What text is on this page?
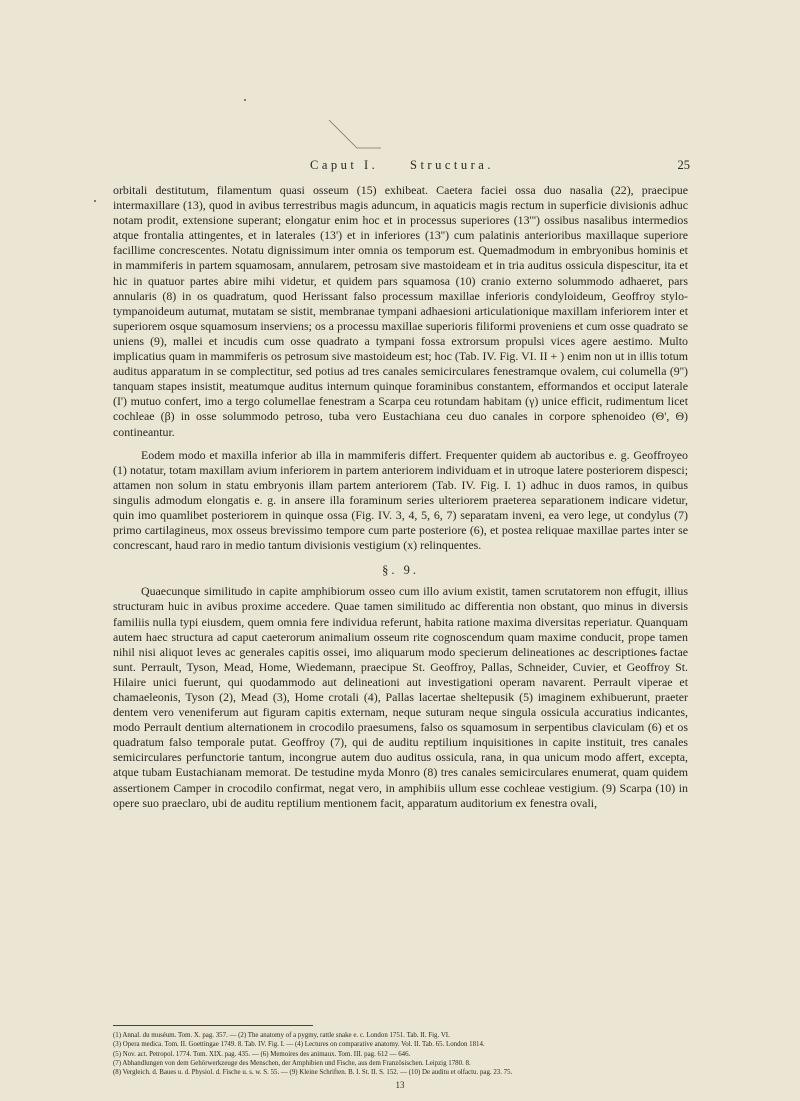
Caput I.	Structura.	25

orbitali destitutum, filamentum quasi osseum (15) exhibeat. Caetera faciei ossa duo nasalia (22), praecipue intermaxillare (13), quod in avibus terrestribus magis aduncum, in aquaticis magis rectum in superficie divisionis adhuc notam prodit, extensione superant; elongatur enim hoc et in processus superiores (13''') ossibus nasalibus intermedios atque frontalia attingentes, et in laterales (13') et in inferiores (13'') cum palatinis anterioribus maxillaque superiore facillime concrescentes. Notatu dignissimum inter omnia os temporum est. Quemadmodum in embryonibus hominis et in mammiferis in partem squamosam, annularem, petrosam sive mastoideam et in tria auditus ossicula dispescitur, ita et hic in quatuor partes abire mihi videtur, et quidem pars squamosa (10) cranio externo solummodo adhaeret, pars annularis (8) in os quadratum, quod Herissant falso processum maxillae inferioris condyloideum, Geoffroy stylo-tympanoideum autumat, mutatam se sistit, membranae tympani adhaesioni articulationique maxillam inferiorem inter et superiorem osque squamosum inserviens; os a processu maxillae superioris filiformi proveniens et cum osse quadrato se uniens (9), mallei et incudis cum osse quadrato a tympani fossa extrorsum propulsi vices agere aestimo. Multo implicatius quam in mammiferis os petrosum sive mastoideum est; hoc (Tab. IV. Fig. VI. II + ) enim non ut in illis totum auditus apparatum in se complectitur, sed potius ad tres canales semicirculares fenestramque ovalem, cui columella (9'') tanquam stapes insistit, meatumque auditus internum quinque foraminibus constantem, efformandos et occiput laterale (I') mutuo confert, imo a tergo columellae fenestram a Scarpa ceu rotundam habitam (γ) unice efficit, rudimentum licet cochleae (β) in osse solummodo petroso, tuba vero Eustachiana ceu duo canales in corpore sphenoideo (Θ', Θ) contineantur.

Eodem modo et maxilla inferior ab illa in mammiferis differt. Frequenter quidem ab auctoribus e. g. Geoffroyeo (1) notatur, totam maxillam avium inferiorem in partem anteriorem individuam et in utroque latere posteriorem dispesci; attamen non solum in statu embryonis illam partem anteriorem (Tab. IV. Fig. I. 1) adhuc in duos ramos, in quibus singulis admodum elongatis e. g. in ansere illa foraminum series ulteriorem praeterea separationem indicare videtur, quin imo quamlibet posteriorem in quinque ossa (Fig. IV. 3, 4, 5, 6, 7) separatam inveni, ea vero lege, ut condylus (7) primo cartilagineus, mox osseus brevissimo tempore cum parte posteriore (6), et postea reliquae maxillae partes inter se concrescant, haud raro in medio tantum divisionis vestigium (x) relinquentes.

§. 9.

Quaecunque similitudo in capite amphibiorum osseo cum illo avium existit, tamen scrutatorem non effugit, illius structuram huic in avibus proxime accedere. Quae tamen similitudo ac differentia non obstant, quo minus in diversis familiis nulla typi eiusdem, quem omnia fere individua referunt, habita ratione maxima diversitas reperiatur. Quanquam autem haec structura ad caput caeterorum animalium osseum rite cognoscendum quam maxime conducit, prope tamen nihil nisi aliquot leves ac generales capitis ossei, imo aliquarum modo specierum delineationes ac descriptiones factae sunt. Perrault, Tyson, Mead, Home, Wiedemann, praecipue St. Geoffroy, Pallas, Schneider, Cuvier, et Geoffroy St. Hilaire unici fuerunt, qui quodammodo aut delineationi aut investigationi operam navarent. Perrault viperae et chamaeleonis, Tyson (2), Mead (3), Home crotali (4), Pallas lacertae sheltepusik (5) imaginem exhibuerunt, praeter dentem vero veneniferum aut figuram capitis externam, neque suturam neque singula ossicula accuratius indicantes, modo Perrault dentium alternationem in crocodilo praesumens, falso os squamosum in serpentibus claviculam (6) et os quadratum falso temporale putat. Geoffroy (7), qui de auditu reptilium inquisitiones in capite instituit, tres canales semicirculares perfunctorie tantum, incongrue autem duo auditus ossicula, rana, in qua unicum modo affert, excepta, atque tubam Eustachianam memorat. De testudine myda Monro (8) tres canales semicirculares enumerat, quam quidem assertionem Camper in crocodilo confirmat, negat vero, in amphibiis ullum esse cochleae vestigium. (9) Scarpa (10) in opere suo praeclaro, ubi de auditu reptilium mentionem facit, apparatum auditorium ex fenestra ovali,

(1) Annal. du muséum. Tom. X. pag. 357. — (2) The anatomy of a pygmy, rattle snake e. c. London 1751. Tab. II. Fig. VI.
(3) Opera medica. Tom. II. Goettingae 1749. 8. Tab. IV. Fig. I. — (4) Lectures on comparative anatomy. Vol. II. Tab. 65. London 1814.
(5) Nov. act. Petropol. 1774. Tom. XIX. pag. 435. — (6) Memoires des animaux. Tom. III. pag. 612 — 646.
(7) Abhandlungen von dem Gehörwerkzeuge des Menschen, der Amphibien und Fische, aus dem Französischen. Leipzig 1780. 8.
(8) Vergleich. d. Baues u. d. Physiol. d. Fische u. s. w. S. 55. — (9) Kleine Schriften. B. I. St. II. S. 152. — (10) De auditu et olfactu. pag. 23. 75.
13
